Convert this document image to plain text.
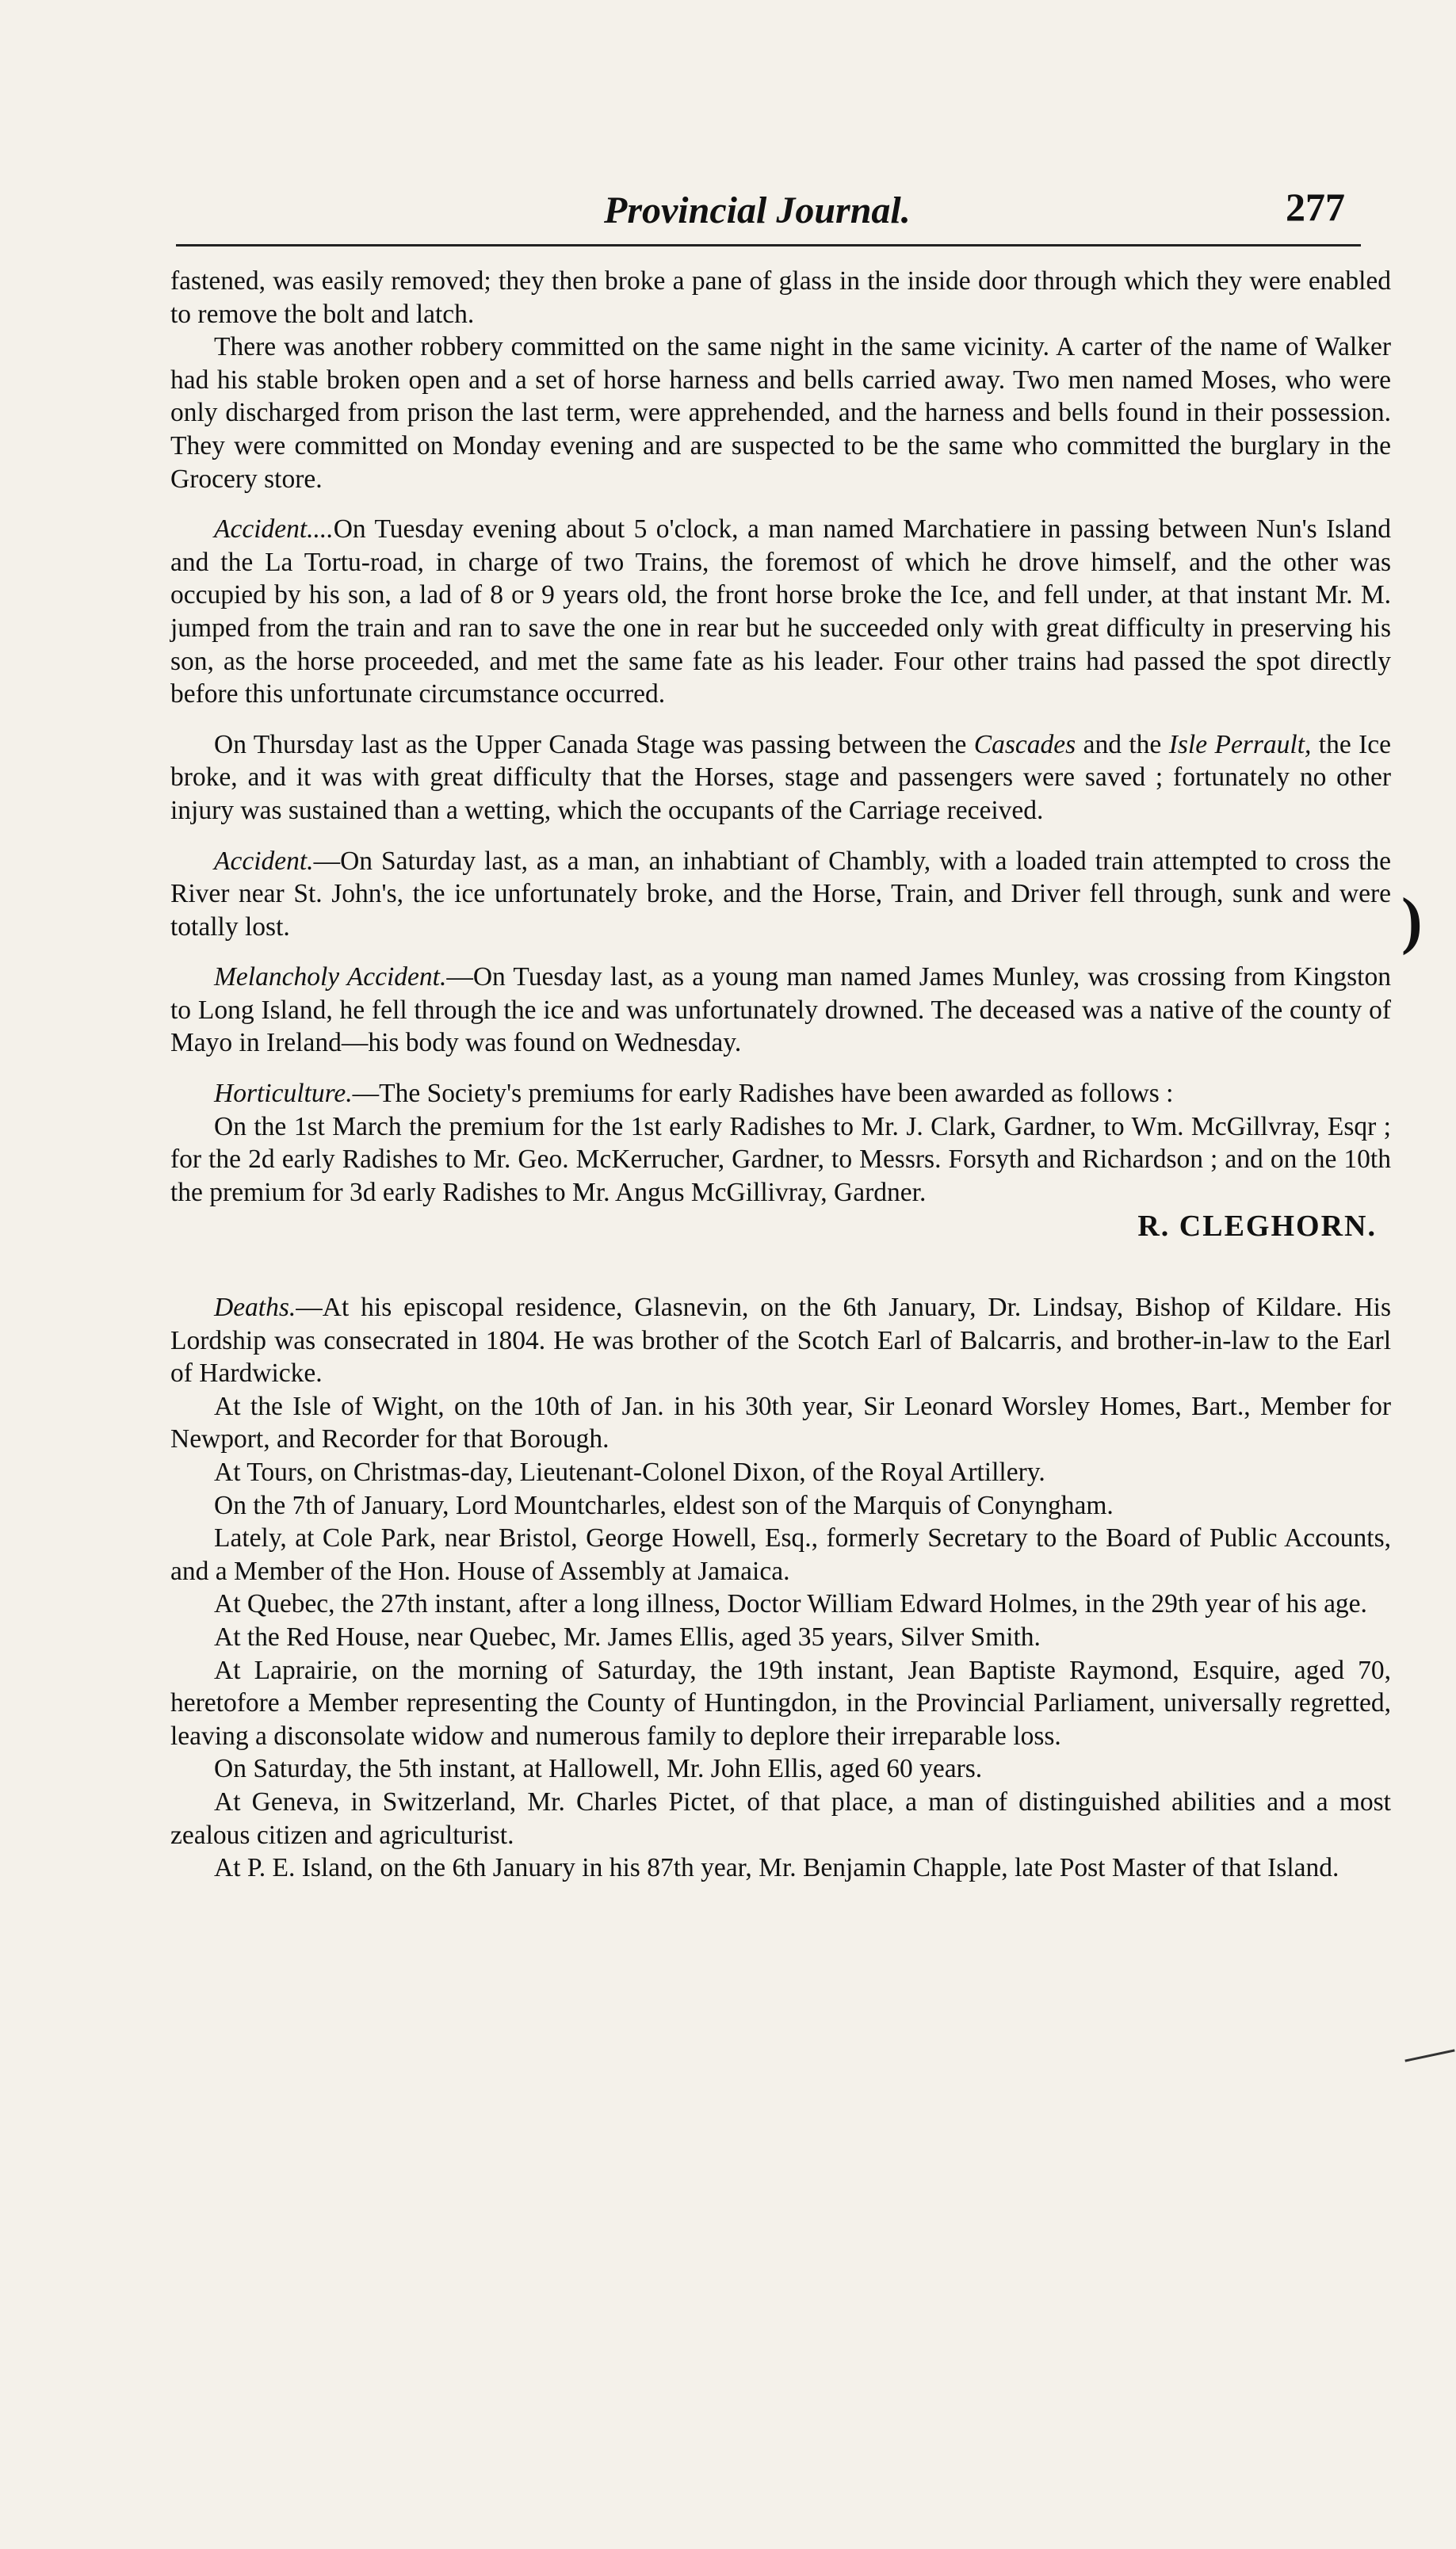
Provincial Journal.	277

fastened, was easily removed; they then broke a pane of glass in the inside door through which they were enabled to remove the bolt and latch.

There was another robbery committed on the same night in the same vicinity. A carter of the name of Walker had his stable broken open and a set of horse harness and bells carried away. Two men named Moses, who were only discharged from prison the last term, were apprehended, and the harness and bells found in their possession. They were committed on Monday evening and are suspected to be the same who committed the burglary in the Grocery store.

Accident....On Tuesday evening about 5 o'clock, a man named Marchatiere in passing between Nun's Island and the La Tortu-road, in charge of two Trains, the foremost of which he drove himself, and the other was occupied by his son, a lad of 8 or 9 years old, the front horse broke the Ice, and fell under, at that instant Mr. M. jumped from the train and ran to save the one in rear but he succeeded only with great difficulty in preserving his son, as the horse proceeded, and met the same fate as his leader. Four other trains had passed the spot directly before this unfortunate circumstance occurred.

On Thursday last as the Upper Canada Stage was passing between the Cascades and the Isle Perrault, the Ice broke, and it was with great difficulty that the Horses, stage and passengers were saved ; fortunately no other injury was sustained than a wetting, which the occupants of the Carriage received.

Accident.—On Saturday last, as a man, an inhabtiant of Chambly, with a loaded train attempted to cross the River near St. John's, the ice unfortunately broke, and the Horse, Train, and Driver fell through, sunk and were totally lost.

Melancholy Accident.—On Tuesday last, as a young man named James Munley, was crossing from Kingston to Long Island, he fell through the ice and was unfortunately drowned. The deceased was a native of the county of Mayo in Ireland—his body was found on Wednesday.

Horticulture.—The Society's premiums for early Radishes have been awarded as follows :

On the 1st March the premium for the 1st early Radishes to Mr. J. Clark, Gardner, to Wm. McGillvray, Esqr ; for the 2d early Radishes to Mr. Geo. McKerrucher, Gardner, to Messrs. Forsyth and Richardson ; and on the 10th the premium for 3d early Radishes to Mr. Angus McGillivray, Gardner.

R. CLEGHORN.

Deaths.—At his episcopal residence, Glasnevin, on the 6th January, Dr. Lindsay, Bishop of Kildare. His Lordship was consecrated in 1804. He was brother of the Scotch Earl of Balcarris, and brother-in-law to the Earl of Hardwicke.

At the Isle of Wight, on the 10th of Jan. in his 30th year, Sir Leonard Worsley Homes, Bart., Member for Newport, and Recorder for that Borough.

At Tours, on Christmas-day, Lieutenant-Colonel Dixon, of the Royal Artillery.

On the 7th of January, Lord Mountcharles, eldest son of the Marquis of Conyngham.

Lately, at Cole Park, near Bristol, George Howell, Esq., formerly Secretary to the Board of Public Accounts, and a Member of the Hon. House of Assembly at Jamaica.

At Quebec, the 27th instant, after a long illness, Doctor William Edward Holmes, in the 29th year of his age.

At the Red House, near Quebec, Mr. James Ellis, aged 35 years, Silver Smith.

At Laprairie, on the morning of Saturday, the 19th instant, Jean Baptiste Raymond, Esquire, aged 70, heretofore a Member representing the County of Huntingdon, in the Provincial Parliament, universally regretted, leaving a disconsolate widow and numerous family to deplore their irreparable loss.

On Saturday, the 5th instant, at Hallowell, Mr. John Ellis, aged 60 years.

At Geneva, in Switzerland, Mr. Charles Pictet, of that place, a man of distinguished abilities and a most zealous citizen and agriculturist.

At P. E. Island, on the 6th January in his 87th year, Mr. Benjamin Chapple, late Post Master of that Island.

)
